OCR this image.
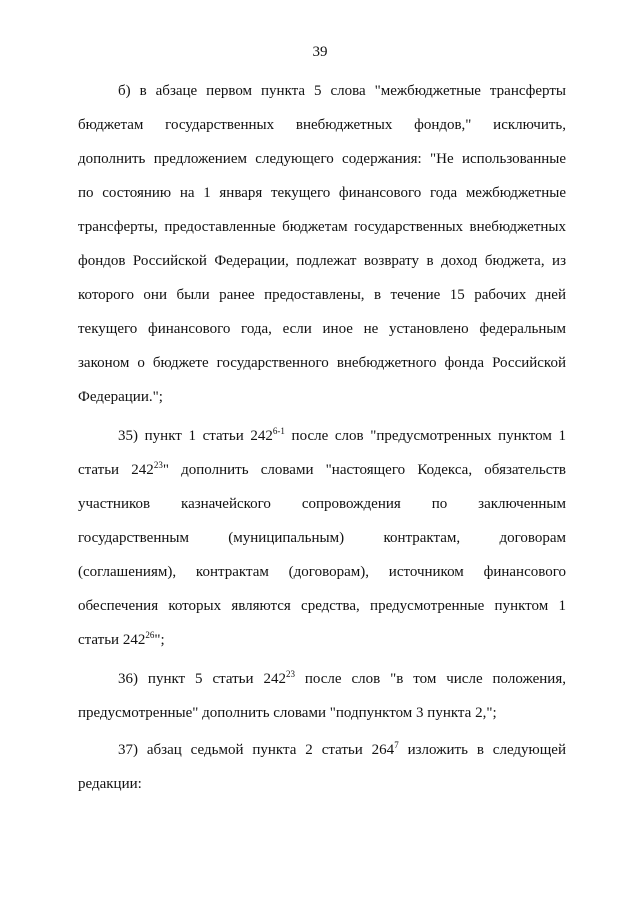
39
б) в абзаце первом пункта 5 слова "межбюджетные трансферты
бюджетам государственных внебюджетных фондов," исключить,
дополнить предложением следующего содержания: "Не использованные
по состоянию на 1 января текущего финансового года межбюджетные
трансферты, предоставленные бюджетам государственных внебюджетных
фондов Российской Федерации, подлежат возврату в доход бюджета, из
которого они были ранее предоставлены, в течение 15 рабочих дней
текущего финансового года, если иное не установлено федеральным
законом о бюджете государственного внебюджетного фонда Российской
Федерации.";
35) пункт 1 статьи 242$^{6-1}$ после слов "предусмотренных пунктом 1
статьи $242^{23}$" дополнить словами "настоящего Кодекса, обязательств
участников казначейского сопровождения по заключенным
государственным (муниципальным) контрактам, договорам
(соглашениям), контрактам (договорам), источником финансового
обеспечения которых являются средства, предусмотренные пунктом 1
статьи $242^{26}$";
36) пункт 5 статьи $242^{23}$ после слов "в том числе положения,
предусмотренные" дополнить словами "подпунктом 3 пункта 2,";
37) абзац седьмой пункта 2 статьи $264^7$ изложить в следующей
редакции:
